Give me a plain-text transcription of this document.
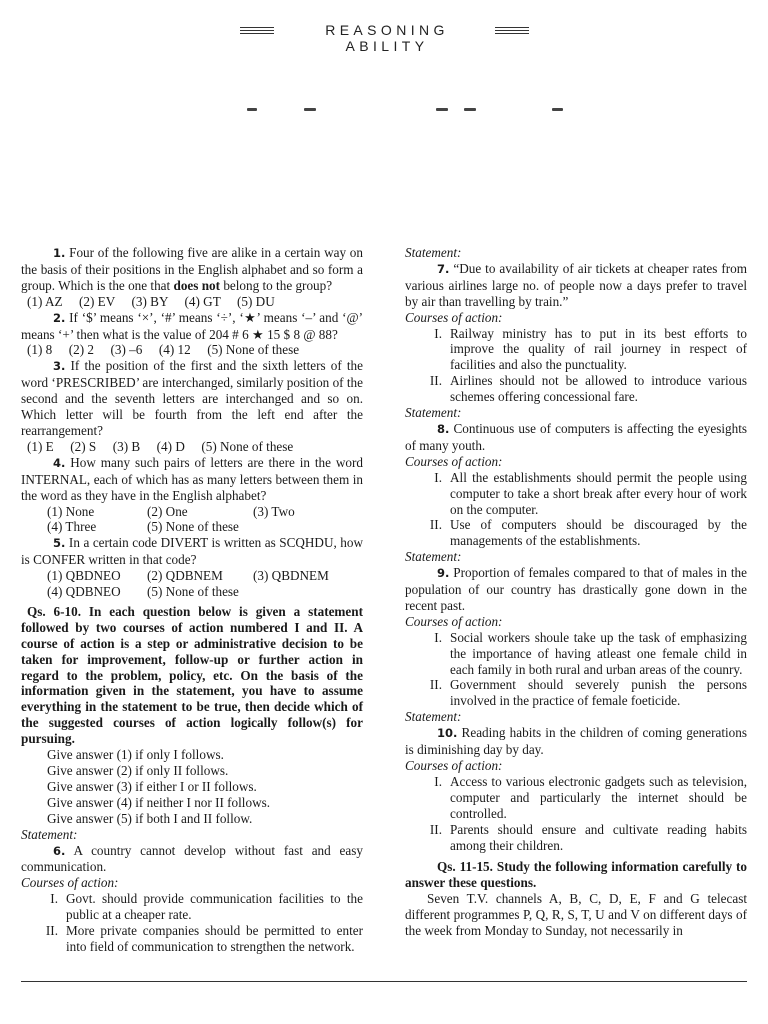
REASONING ABILITY
1. Four of the following five are alike in a certain way on the basis of their positions in the English alphabet and so form a group. Which is the one that does not belong to the group?
(1) AZ     (2) EV     (3) BY     (4) GT     (5) DU
2. If ‘$’ means ‘×’, ‘#’ means ‘÷’, ‘★’ means ‘–’ and ‘@’ means ‘+’ then what is the value of 204 # 6 ★ 15 $ 8 @ 88?
(1) 8     (2) 2     (3) –6     (4) 12     (5) None of these
3. If the position of the first and the sixth letters of the word ‘PRESCRIBED’ are interchanged, similarly position of the second and the seventh letters are interchanged and so on. Which letter will be fourth from the left end after the rearrangement?
(1) E     (2) S     (3) B     (4) D     (5) None of these
4. How many such pairs of letters are there in the word INTERNAL, each of which has as many letters between them in the word as they have in the English alphabet?
(1) None	(2) One	(3) Two
(4) Three	(5) None of these
5. In a certain code DIVERT is written as SCQHDU, how is CONFER written in that code?
(1) QBDNEO	(2) QDBNEM	(3) QBDNEM
(4) QDBNEO	(5) None of these
Qs. 6-10. In each question below is given a statement followed by two courses of action numbered I and II. A course of action is a step or administrative decision to be taken for improvement, follow-up or further action in regard to the problem, policy, etc. On the basis of the information given in the statement, you have to assume everything in the statement to be true, then decide which of the suggested courses of action logically follow(s) for pursuing.
Give answer (1) if only I follows.
Give answer (2) if only II follows.
Give answer (3) if either I or II follows.
Give answer (4) if neither I nor II follows.
Give answer (5) if both I and II follow.
Statement:
6. A country cannot develop without fast and easy communication.
Courses of action:
I. Govt. should provide communication facilities to the public at a cheaper rate.
II. More private companies should be permitted to enter into field of communication to strengthen the network.
Statement:
7. “Due to availability of air tickets at cheaper rates from various airlines large no. of people now a days prefer to travel by air than travelling by train.”
Courses of action:
I. Railway ministry has to put in its best efforts to improve the quality of rail journey in respect of facilities and also the punctuality.
II. Airlines should not be allowed to introduce various schemes offering concessional fare.
Statement:
8. Continuous use of computers is affecting the eyesights of many youth.
Courses of action:
I. All the establishments should permit the people using computer to take a short break after every hour of work on the computer.
II. Use of computers should be discouraged by the managements of the establishments.
Statement:
9. Proportion of females compared to that of males in the population of our country has drastically gone down in the recent past.
Courses of action:
I. Social workers shoule take up the task of emphasizing the importance of having atleast one female child in each family in both rural and urban areas of the counry.
II. Government should severely punish the persons involved in the practice of female foeticide.
Statement:
10. Reading habits in the children of coming generations is diminishing day by day.
Courses of action:
I. Access to various electronic gadgets such as television, computer and particularly the internet should be controlled.
II. Parents should ensure and cultivate reading habits among their children.
Qs. 11-15. Study the following information carefully to answer these questions.
Seven T.V. channels A, B, C, D, E, F and G telecast different programmes P, Q, R, S, T, U and V on different days of the week from Monday to Sunday, not necessarily in
